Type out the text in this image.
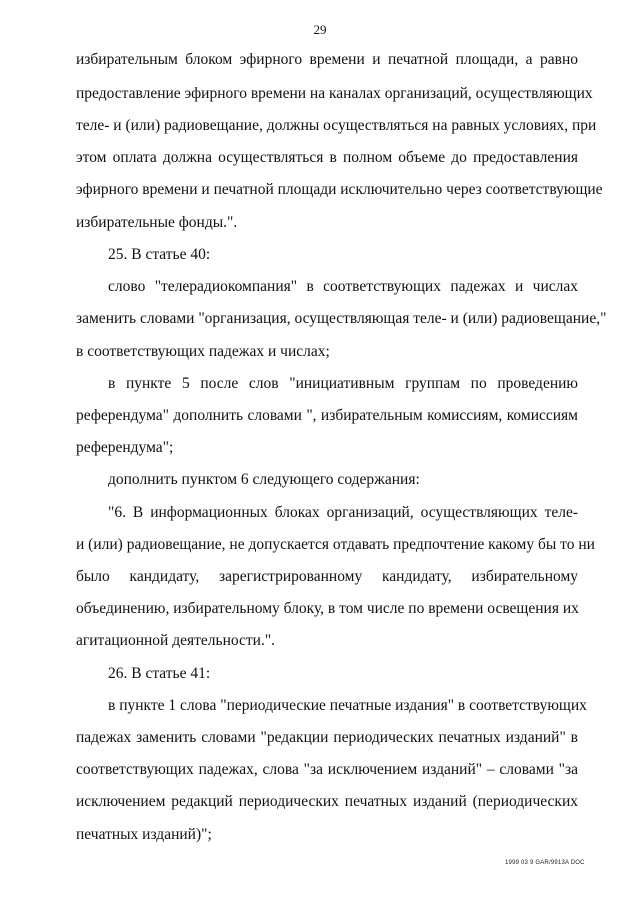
29
избирательным блоком эфирного времени и печатной площади, а равно
предоставление эфирного времени на каналах организаций, осуществляющих
теле- и (или) радиовещание, должны осуществляться на равных условиях, при
этом оплата должна осуществляться в полном объеме до предоставления
эфирного времени и печатной площади исключительно через соответствующие
избирательные фонды.".
25. В статье 40:
слово "телерадиокомпания" в соответствующих падежах и числах
заменить словами "организация, осуществляющая теле- и (или) радиовещание,"
в соответствующих падежах и числах;
в пункте 5 после слов "инициативным группам по проведению
референдума" дополнить словами ", избирательным комиссиям, комиссиям
референдума";
дополнить пунктом 6 следующего содержания:
"6. В информационных блоках организаций, осуществляющих теле-
и (или) радиовещание, не допускается отдавать предпочтение какому бы то ни
было кандидату, зарегистрированному кандидату, избирательному
объединению, избирательному блоку, в том числе по времени освещения их
агитационной деятельности.".
26. В статье 41:
в пункте 1 слова "периодические печатные издания" в соответствующих
падежах заменить словами "редакции периодических печатных изданий" в
соответствующих падежах, слова "за исключением изданий" – словами "за
исключением редакций периодических печатных изданий (периодических
печатных изданий)";
1999 03 9 GAR/9913A DOC
